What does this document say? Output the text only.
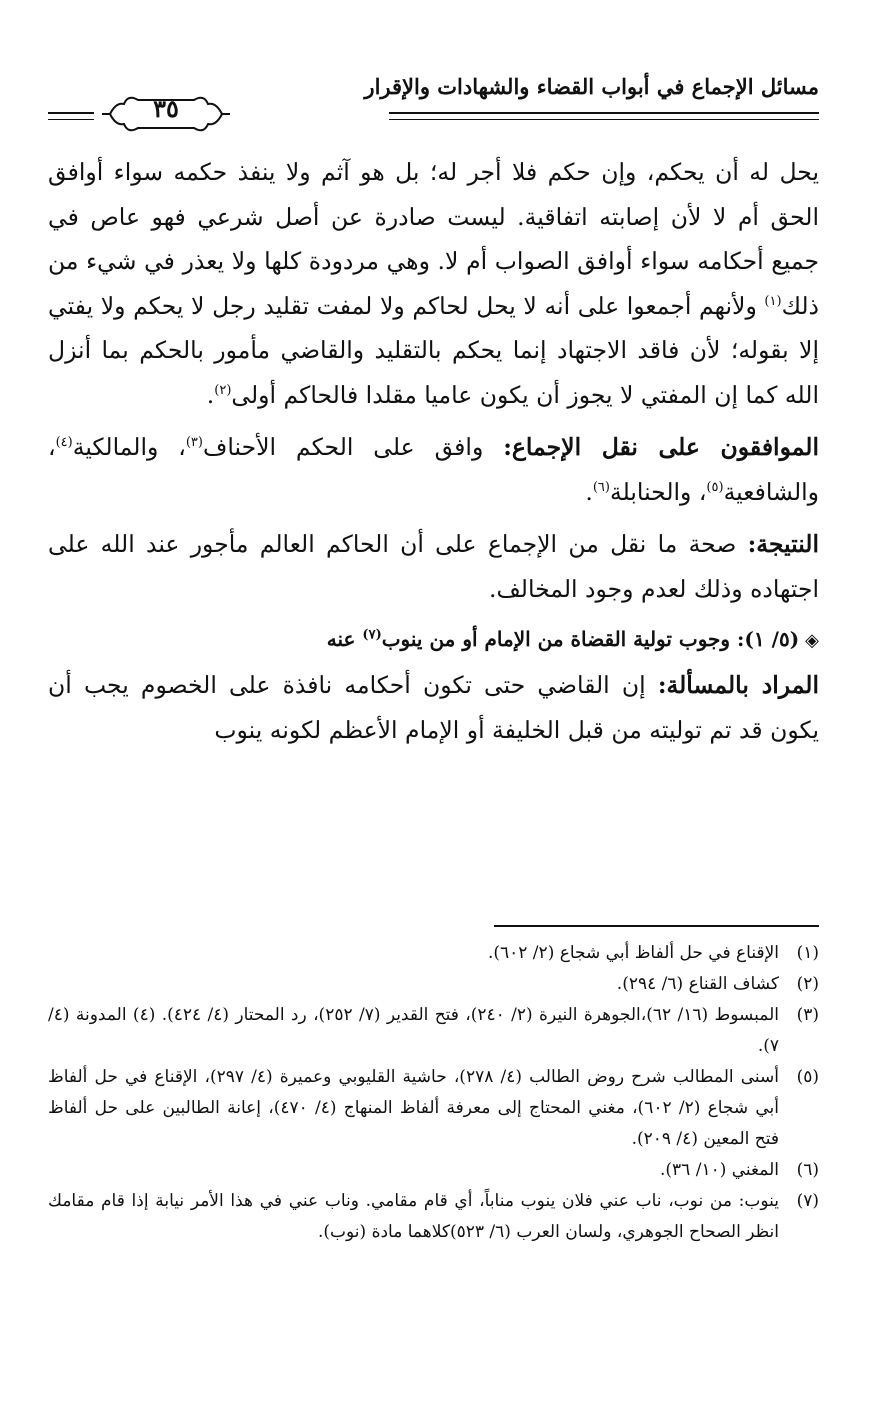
مسائل الإجماع في أبواب القضاء والشهادات والإقرار
٣٥

يحل له أن يحكم، وإن حكم فلا أجر له؛ بل هو آثم ولا ينفذ حكمه سواء أوافق الحق أم لا لأن إصابته اتفاقية. ليست صادرة عن أصل شرعي فهو عاص في جميع أحكامه سواء أوافق الصواب أم لا. وهي مردودة كلها ولا يعذر في شيء من ذلك$^{(١)}$ ولأنهم أجمعوا على أنه لا يحل لحاكم ولا لمفت تقليد رجل لا يحكم ولا يفتي إلا بقوله؛ لأن فاقد الاجتهاد إنما يحكم بالتقليد والقاضي مأمور بالحكم بما أنزل الله كما إن المفتي لا يجوز أن يكون عاميا مقلدا فالحاكم أولى$^{(٢)}$.

الموافقون على نقل الإجماع: وافق على الحكم الأحناف$^{(٣)}$، والمالكية$^{(٤)}$، والشافعية$^{(٥)}$، والحنابلة$^{(٦)}$.

النتيجة: صحة ما نقل من الإجماع على أن الحاكم العالم مأجور عند الله على اجتهاده وذلك لعدم وجود المخالف.

◈(٥/ ١): وجوب تولية القضاة من الإمام أو من ينوب$^{(٧)}$ عنه

المراد بالمسألة: إن القاضي حتى تكون أحكامه نافذة على الخصوم يجب أن يكون قد تم توليته من قبل الخليفة أو الإمام الأعظم لكونه ينوب

(١)
الإقناع في حل ألفاظ أبي شجاع (٢/ ٦٠٢).

(٢)
كشاف القناع (٦/ ٢٩٤).

(٣)
المبسوط (١٦/ ٦٢)،الجوهرة النيرة (٢/ ٢٤٠)، فتح القدير (٧/ ٢٥٢)، رد المحتار (٤/ ٤٢٤). (٤) المدونة (٤/ ٧).

(٥)
أسنى المطالب شرح روض الطالب (٤/ ٢٧٨)، حاشية القليوبي وعميرة (٤/ ٢٩٧)، الإقناع في حل ألفاظ أبي شجاع (٢/ ٦٠٢)، مغني المحتاج إلى معرفة ألفاظ المنهاج (٤/ ٤٧٠)، إعانة الطالبين على حل ألفاظ فتح المعين (٤/ ٢٠٩).

(٦)
المغني (١٠/ ٣٦).

(٧)
ينوب: من نوب، ناب عني فلان ينوب مناباً، أي قام مقامي. وناب عني في هذا الأمر نيابة إذا قام مقامك انظر الصحاح الجوهري، ولسان العرب (٦/ ٥٢٣)كلاهما مادة (نوب).
